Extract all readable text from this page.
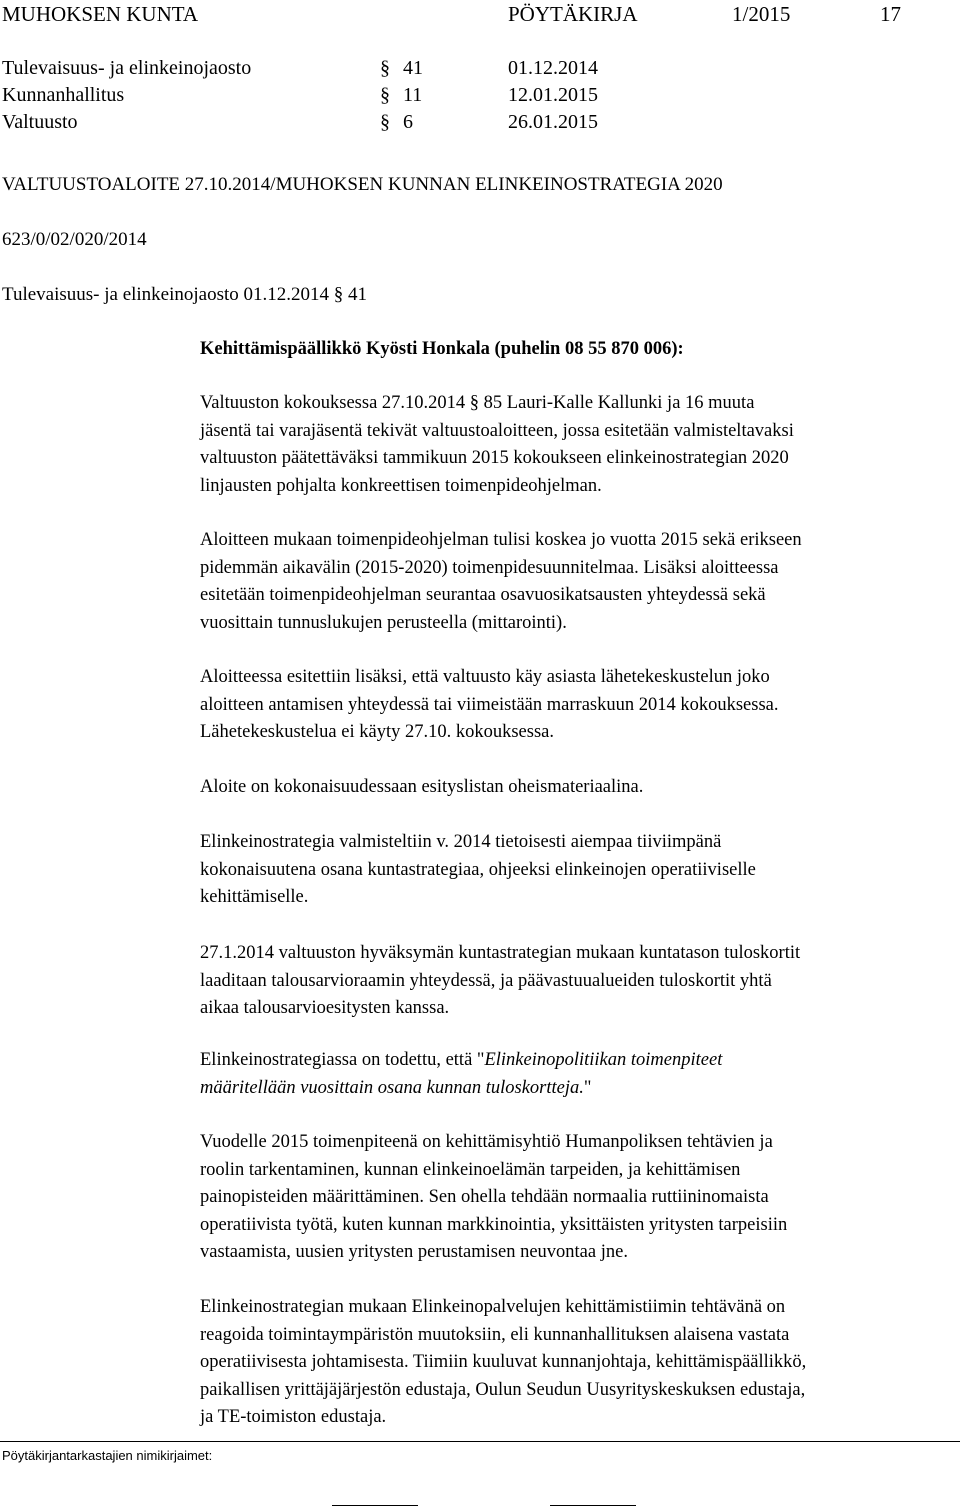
MUHOKSEN KUNTA	PÖYTÄKIRJA	1/2015	17
Tulevaisuus- ja elinkeinojaosto	§ 41	01.12.2014
Kunnanhallitus	§ 11	12.01.2015
Valtuusto	§ 6	26.01.2015
VALTUUSTOALOITE 27.10.2014/MUHOKSEN KUNNAN ELINKEINOSTRATEGIA 2020
623/0/02/020/2014
Tulevaisuus- ja elinkeinojaosto 01.12.2014 § 41
Kehittämispäällikkö Kyösti Honkala (puhelin 08 55 870 006):
Valtuuston kokouksessa 27.10.2014 § 85 Lauri-Kalle Kallunki ja 16 muuta
jäsentä tai varajäsentä tekivät valtuustoaloitteen, jossa esitetään valmisteltavaksi
valtuuston päätettäväksi tammikuun 2015 kokoukseen elinkeinostrategian 2020
linjausten pohjalta konkreettisen toimenpideohjelman.
Aloitteen mukaan toimenpideohjelman tulisi koskea jo vuotta 2015 sekä erikseen
pidemmän aikavälin (2015-2020) toimenpidesuunnitelmaa. Lisäksi aloitteessa
esitetään toimenpideohjelman seurantaa osavuosikatsausten yhteydessä sekä
vuosittain tunnuslukujen perusteella (mittarointi).
Aloitteessa esitettiin lisäksi, että valtuusto käy asiasta lähetekeskustelun joko
aloitteen antamisen yhteydessä tai viimeistään marraskuun 2014 kokouksessa.
Lähetekeskustelua ei käyty 27.10. kokouksessa.
Aloite on kokonaisuudessaan esityslistan oheismateriaalina.
Elinkeinostrategia valmisteltiin v. 2014 tietoisesti aiempaa tiiviimpänä
kokonaisuutena osana kuntastrategiaa, ohjeeksi elinkeinojen operatiiviselle
kehittämiselle.
27.1.2014 valtuuston hyväksymän kuntastrategian mukaan kuntatason tuloskortit
laaditaan talousarvioraamin yhteydessä, ja päävastuualueiden tuloskortit yhtä
aikaa talousarvioesitysten kanssa.
Elinkeinostrategiassa on todettu, että "Elinkeinopolitiikan toimenpiteet
määritellään vuosittain osana kunnan tuloskortteja."
Vuodelle 2015 toimenpiteenä on kehittämisyhtiö Humanpoliksen tehtävien ja
roolin tarkentaminen, kunnan elinkeinoelämän tarpeiden, ja kehittämisen
painopisteiden määrittäminen. Sen ohella tehdään normaalia ruttiininomaista
operatiivista työtä, kuten kunnan markkinointia, yksittäisten yritysten tarpeisiin
vastaamista, uusien yritysten perustamisen neuvontaa jne.
Elinkeinostrategian mukaan Elinkeinopalvelujen kehittämistiimin tehtävänä on
reagoida toimintaympäristön muutoksiin, eli kunnanhallituksen alaisena vastata
operatiivisesta johtamisesta. Tiimiin kuuluvat kunnanjohtaja, kehittämispäällikkö,
paikallisen yrittäjäjärjestön edustaja, Oulun Seudun Uusyrityskeskuksen edustaja,
ja TE-toimiston edustaja.
Pöytäkirjantarkastajien nimikirjaimet:
